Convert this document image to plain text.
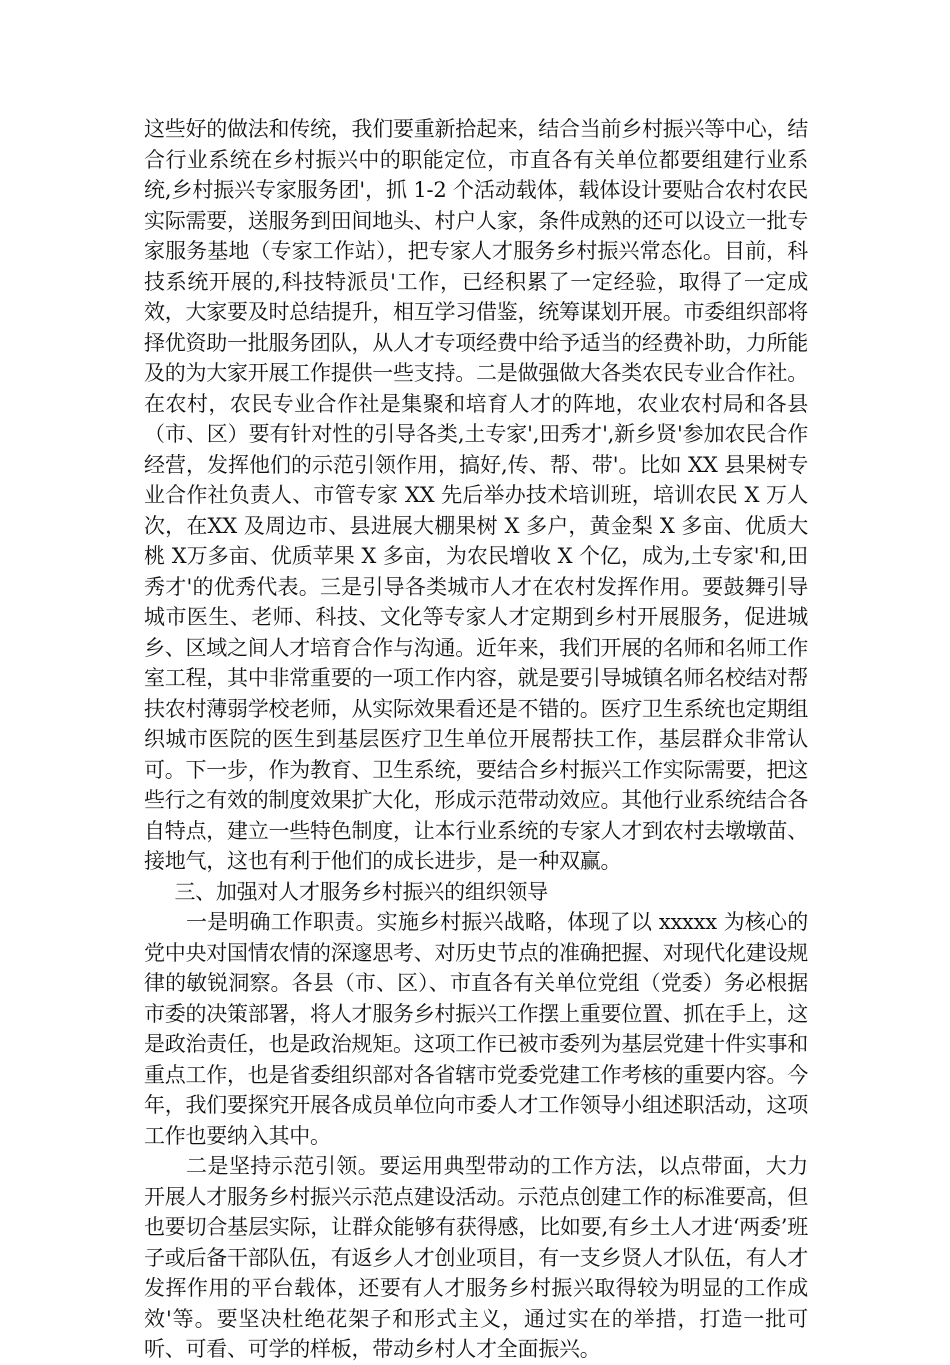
这些好的做法和传统，我们要重新拾起来，结合当前乡村振兴等中心，结合行业系统在乡村振兴中的职能定位，市直各有关单位都要组建行业系统,乡村振兴专家服务团'，抓 1-2 个活动载体，载体设计要贴合农村农民实际需要，送服务到田间地头、村户人家，条件成熟的还可以设立一批专家服务基地（专家工作站），把专家人才服务乡村振兴常态化。目前，科技系统开展的,科技特派员'工作，已经积累了一定经验，取得了一定成效，大家要及时总结提升，相互学习借鉴，统筹谋划开展。市委组织部将择优资助一批服务团队，从人才专项经费中给予适当的经费补助，力所能及的为大家开展工作提供一些支持。二是做强做大各类农民专业合作社。在农村，农民专业合作社是集聚和培育人才的阵地，农业农村局和各县（市、区）要有针对性的引导各类,土专家',田秀才',新乡贤'参加农民合作经营，发挥他们的示范引领作用，搞好,传、帮、带'。比如 XX 县果树专业合作社负责人、市管专家 XX 先后举办技术培训班，培训农民 X 万人次，在XX 及周边市、县进展大棚果树 X 多户，黄金梨 X 多亩、优质大桃 X万多亩、优质苹果 X 多亩，为农民增收 X 个亿，成为,土专家'和,田秀才'的优秀代表。三是引导各类城市人才在农村发挥作用。要鼓舞引导城市医生、老师、科技、文化等专家人才定期到乡村开展服务，促进城乡、区域之间人才培育合作与沟通。近年来，我们开展的名师和名师工作室工程，其中非常重要的一项工作内容，就是要引导城镇名师名校结对帮扶农村薄弱学校老师，从实际效果看还是不错的。医疗卫生系统也定期组织城市医院的医生到基层医疗卫生单位开展帮扶工作，基层群众非常认可。下一步，作为教育、卫生系统，要结合乡村振兴工作实际需要，把这些行之有效的制度效果扩大化，形成示范带动效应。其他行业系统结合各自特点，建立一些特色制度，让本行业系统的专家人才到农村去墩墩苗、接地气，这也有利于他们的成长进步，是一种双赢。

三、加强对人才服务乡村振兴的组织领导

一是明确工作职责。实施乡村振兴战略，体现了以 xxxxx 为核心的党中央对国情农情的深邃思考、对历史节点的准确把握、对现代化建设规律的敏锐洞察。各县（市、区）、市直各有关单位党组（党委）务必根据市委的决策部署，将人才服务乡村振兴工作摆上重要位置、抓在手上，这是政治责任，也是政治规矩。这项工作已被市委列为基层党建十件实事和重点工作，也是省委组织部对各省辖市党委党建工作考核的重要内容。今年，我们要探究开展各成员单位向市委人才工作领导小组述职活动，这项工作也要纳入其中。

二是坚持示范引领。要运用典型带动的工作方法，以点带面，大力开展人才服务乡村振兴示范点建设活动。示范点创建工作的标准要高，但也要切合基层实际，让群众能够有获得感，比如要,有乡土人才进‘两委’班子或后备干部队伍，有返乡人才创业项目，有一支乡贤人才队伍，有人才发挥作用的平台载体，还要有人才服务乡村振兴取得较为明显的工作成效'等。要坚决杜绝花架子和形式主义，通过实在的举措，打造一批可听、可看、可学的样板，带动乡村人才全面振兴。
